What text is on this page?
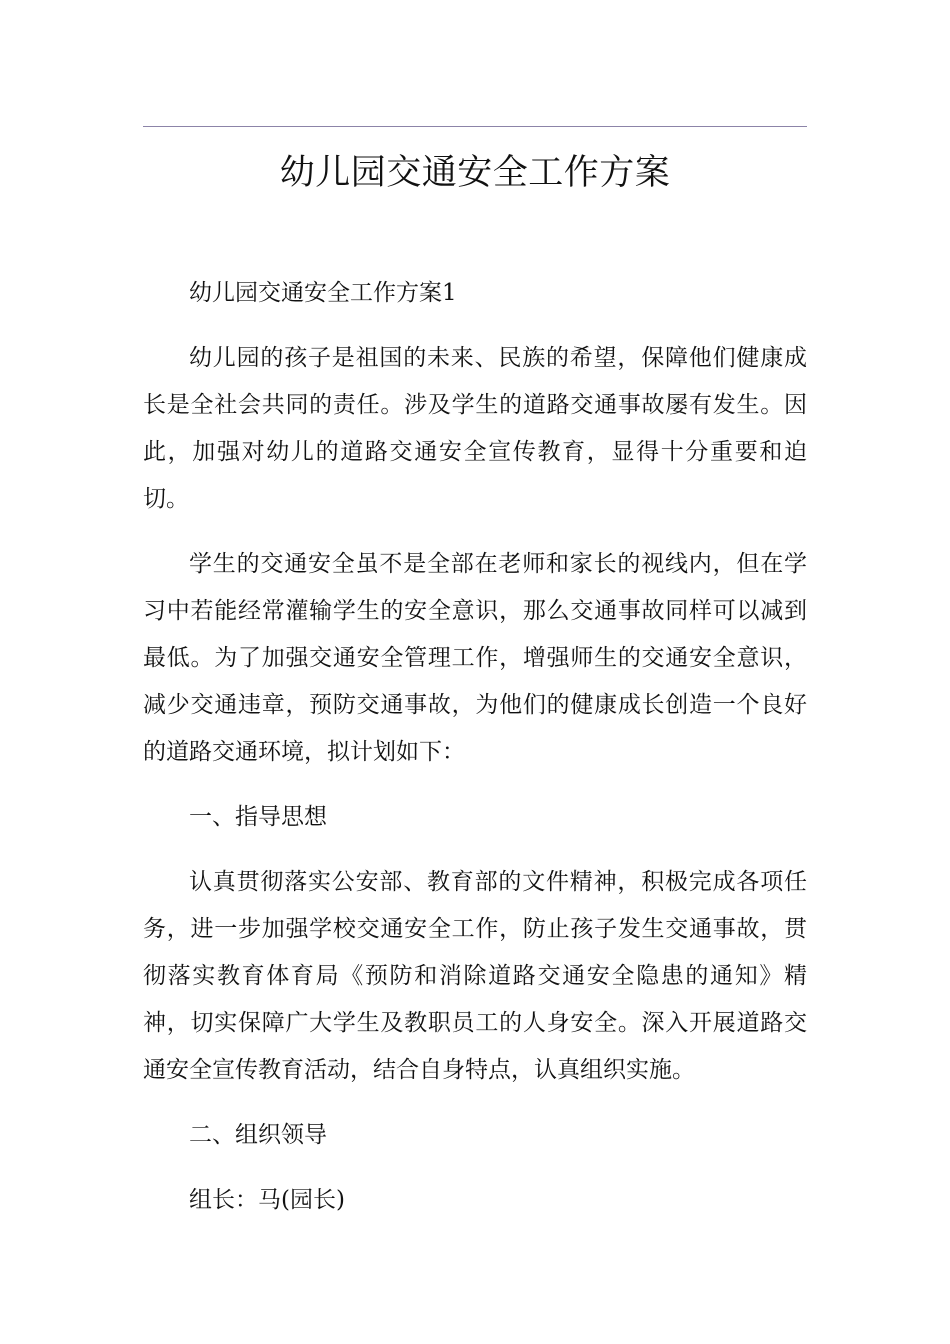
幼儿园交通安全工作方案

幼儿园交通安全工作方案1

幼儿园的孩子是祖国的未来、民族的希望，保障他们健康成长是全社会共同的责任。涉及学生的道路交通事故屡有发生。因此，加强对幼儿的道路交通安全宣传教育，显得十分重要和迫切。

学生的交通安全虽不是全部在老师和家长的视线内，但在学习中若能经常灌输学生的安全意识，那么交通事故同样可以减到最低。为了加强交通安全管理工作，增强师生的交通安全意识，减少交通违章，预防交通事故，为他们的健康成长创造一个良好的道路交通环境，拟计划如下：

一、指导思想

认真贯彻落实公安部、教育部的文件精神，积极完成各项任务，进一步加强学校交通安全工作，防止孩子发生交通事故，贯彻落实教育体育局《预防和消除道路交通安全隐患的通知》精神，切实保障广大学生及教职员工的人身安全。深入开展道路交通安全宣传教育活动，结合自身特点，认真组织实施。

二、组织领导

组长：马(园长)
